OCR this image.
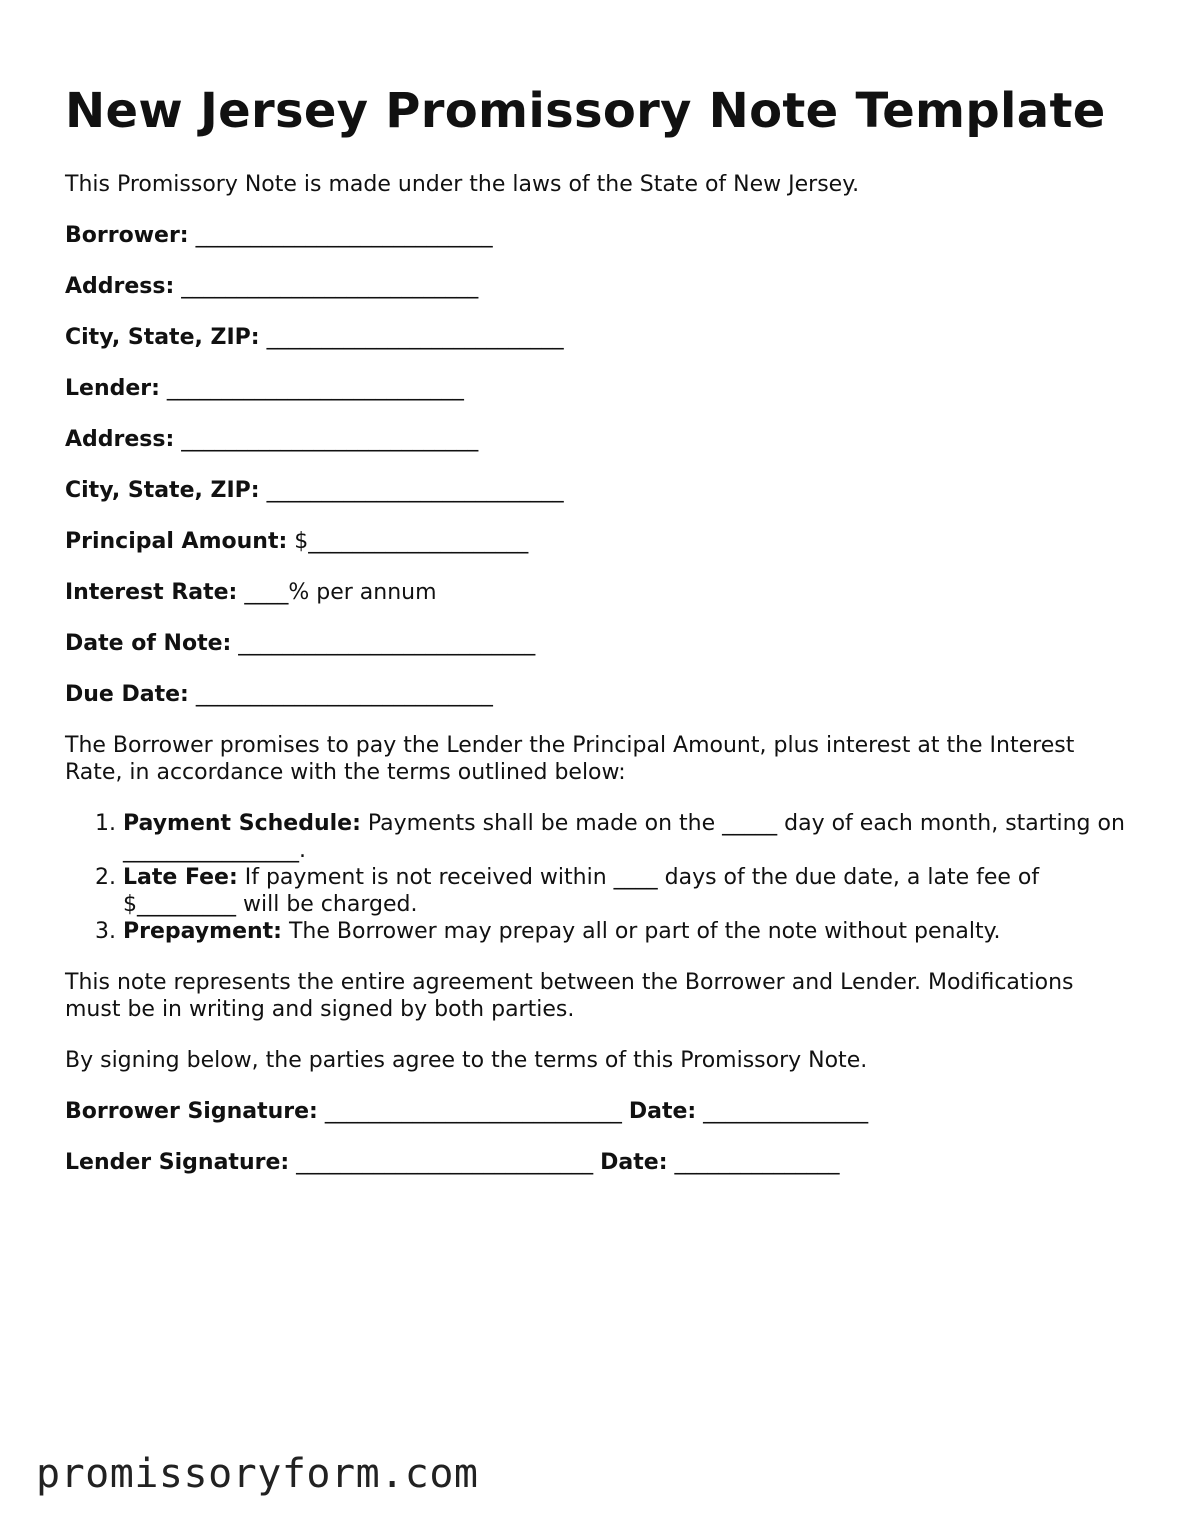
New Jersey Promissory Note Template

This Promissory Note is made under the laws of the State of New Jersey.

Borrower: ___________________________
Address: ___________________________
City, State, ZIP: ___________________________
Lender: ___________________________
Address: ___________________________
City, State, ZIP: ___________________________
Principal Amount: $____________________
Interest Rate: ____% per annum
Date of Note: ___________________________
Due Date: ___________________________

The Borrower promises to pay the Lender the Principal Amount, plus interest at the Interest Rate, in accordance with the terms outlined below:

1. Payment Schedule: Payments shall be made on the _____ day of each month, starting on ________________.
2. Late Fee: If payment is not received within ____ days of the due date, a late fee of $_________ will be charged.
3. Prepayment: The Borrower may prepay all or part of the note without penalty.

This note represents the entire agreement between the Borrower and Lender. Modifications must be in writing and signed by both parties.

By signing below, the parties agree to the terms of this Promissory Note.

Borrower Signature: ___________________________ Date: _______________
Lender Signature: ___________________________ Date: _______________
promissoryform.com
